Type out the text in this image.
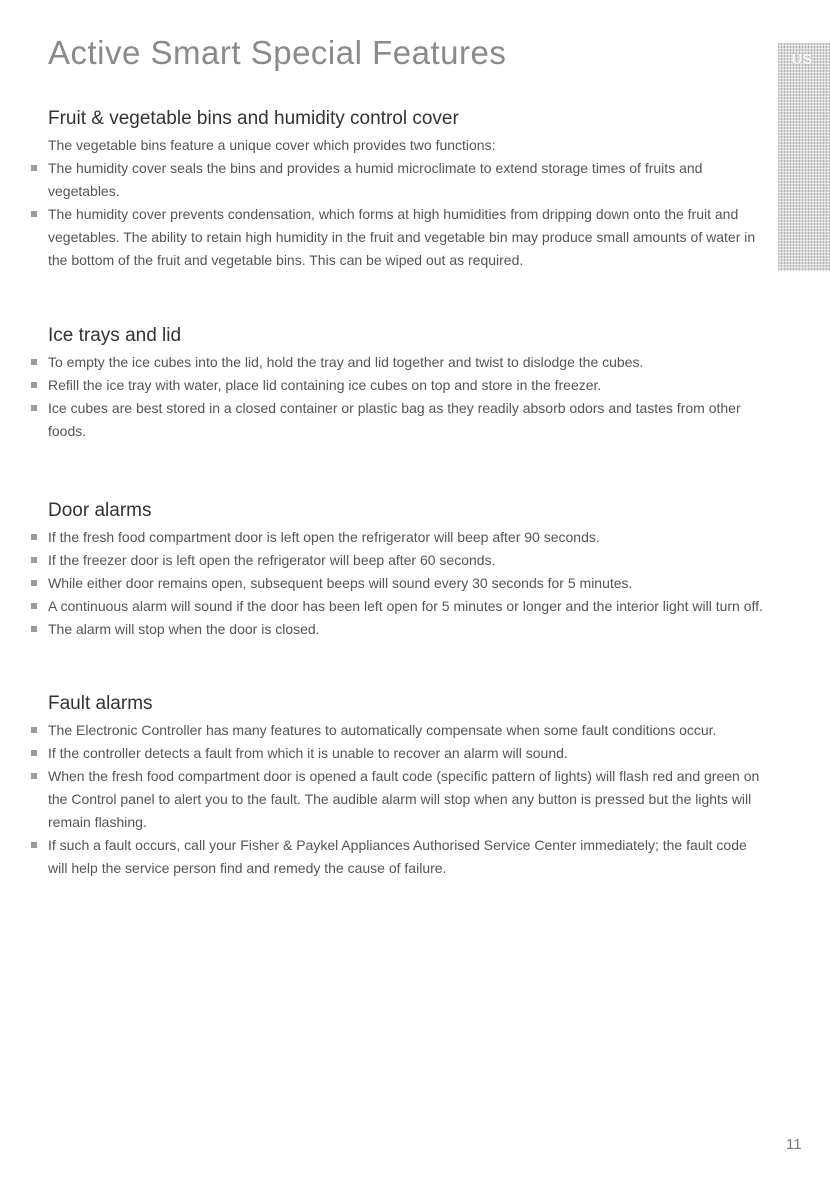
Active Smart Special Features	US
Fruit & vegetable bins and humidity control cover

The vegetable bins feature a unique cover which provides two functions:

The humidity cover seals the bins and provides a humid microclimate to extend storage times of fruits and vegetables.
The humidity cover prevents condensation, which forms at high humidities from dripping down onto the fruit and vegetables. The ability to retain high humidity in the fruit and vegetable bin may produce small amounts of water in the bottom of the fruit and vegetable bins. This can be wiped out as required.
Ice trays and lid
To empty the ice cubes into the lid, hold the tray and lid together and twist to dislodge the cubes.
Refill the ice tray with water, place lid containing ice cubes on top and store in the freezer.
Ice cubes are best stored in a closed container or plastic bag as they readily absorb odors and tastes from other foods.
Door alarms
If the fresh food compartment door is left open the refrigerator will beep after 90 seconds.
If the freezer door is left open the refrigerator will beep after 60 seconds.
While either door remains open, subsequent beeps will sound every 30 seconds for 5 minutes.
A continuous alarm will sound if the door has been left open for 5 minutes or longer and the interior light will turn off.
The alarm will stop when the door is closed.
Fault alarms
The Electronic Controller has many features to automatically compensate when some fault conditions occur.
If the controller detects a fault from which it is unable to recover an alarm will sound.
When the fresh food compartment door is opened a fault code (specific pattern of lights) will flash red and green on the Control panel to alert you to the fault. The audible alarm will stop when any button is pressed but the lights will remain flashing.
If such a fault occurs, call your Fisher & Paykel Appliances Authorised Service Center immediately; the fault code will help the service person find and remedy the cause of failure.
11
